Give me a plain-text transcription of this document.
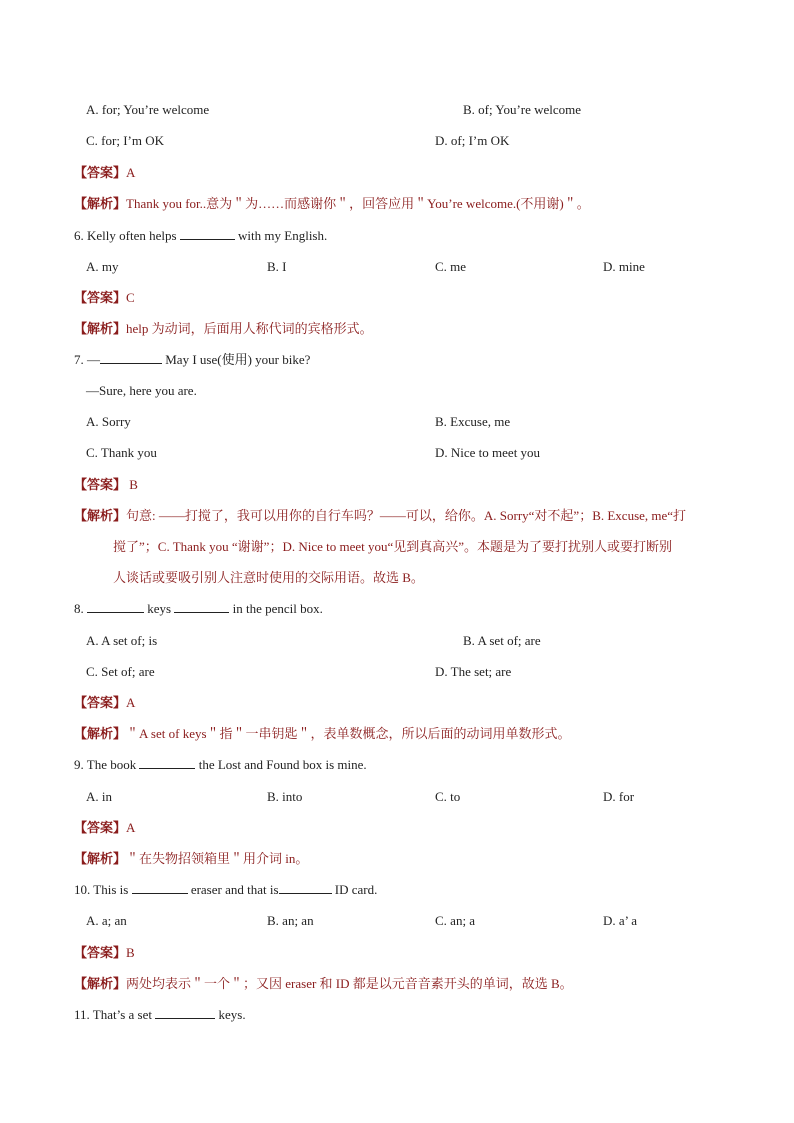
A. for; You’re welcome	B. of; You’re welcome
C. for; I’m OK	D. of; I’m OK
【答案】A
【解析】Thank you for..意为＂为……而感谢你＂，回答应用＂You’re welcome.(不用谢)＂。
6. Kelly often helps	with my English.
A. my	B. I	C. me	D. mine
【答案】C
【解析】help 为动词，后面用人称代词的宾格形式。
7. —	May I use(使用) your bike?
—Sure, here you are.
A. Sorry	B. Excuse, me
C. Thank you	D. Nice to meet you
【答案】 B
【解析】句意: ——打搅了，我可以用你的自行车吗？——可以，给你。A. Sorry“对不起”；B. Excuse, me“打
搅了”；C. Thank you “谢谢”；D. Nice to meet you“见到真高兴”。本题是为了要打扰别人或要打断别
人谈话或要吸引别人注意时使用的交际用语。故选 B。
8.	keys	in the pencil box.
A. A set of; is	B. A set of; are
C. Set of; are	D. The set; are
【答案】A
【解析】＂A set of keys＂指＂一串钥匙＂，表单数概念，所以后面的动词用单数形式。
9. The book	the Lost and Found box is mine.
A. in	B. into	C. to	D. for
【答案】A
【解析】＂在失物招领箱里＂用介词 in。
10. This is	eraser and that is	ID card.
A. a; an	B. an; an	C. an; a	D. a’ a
【答案】B
【解析】两处均表示＂一个＂；又因 eraser 和 ID 都是以元音音素开头的单词，故选 B。
11. That’s a set	keys.
